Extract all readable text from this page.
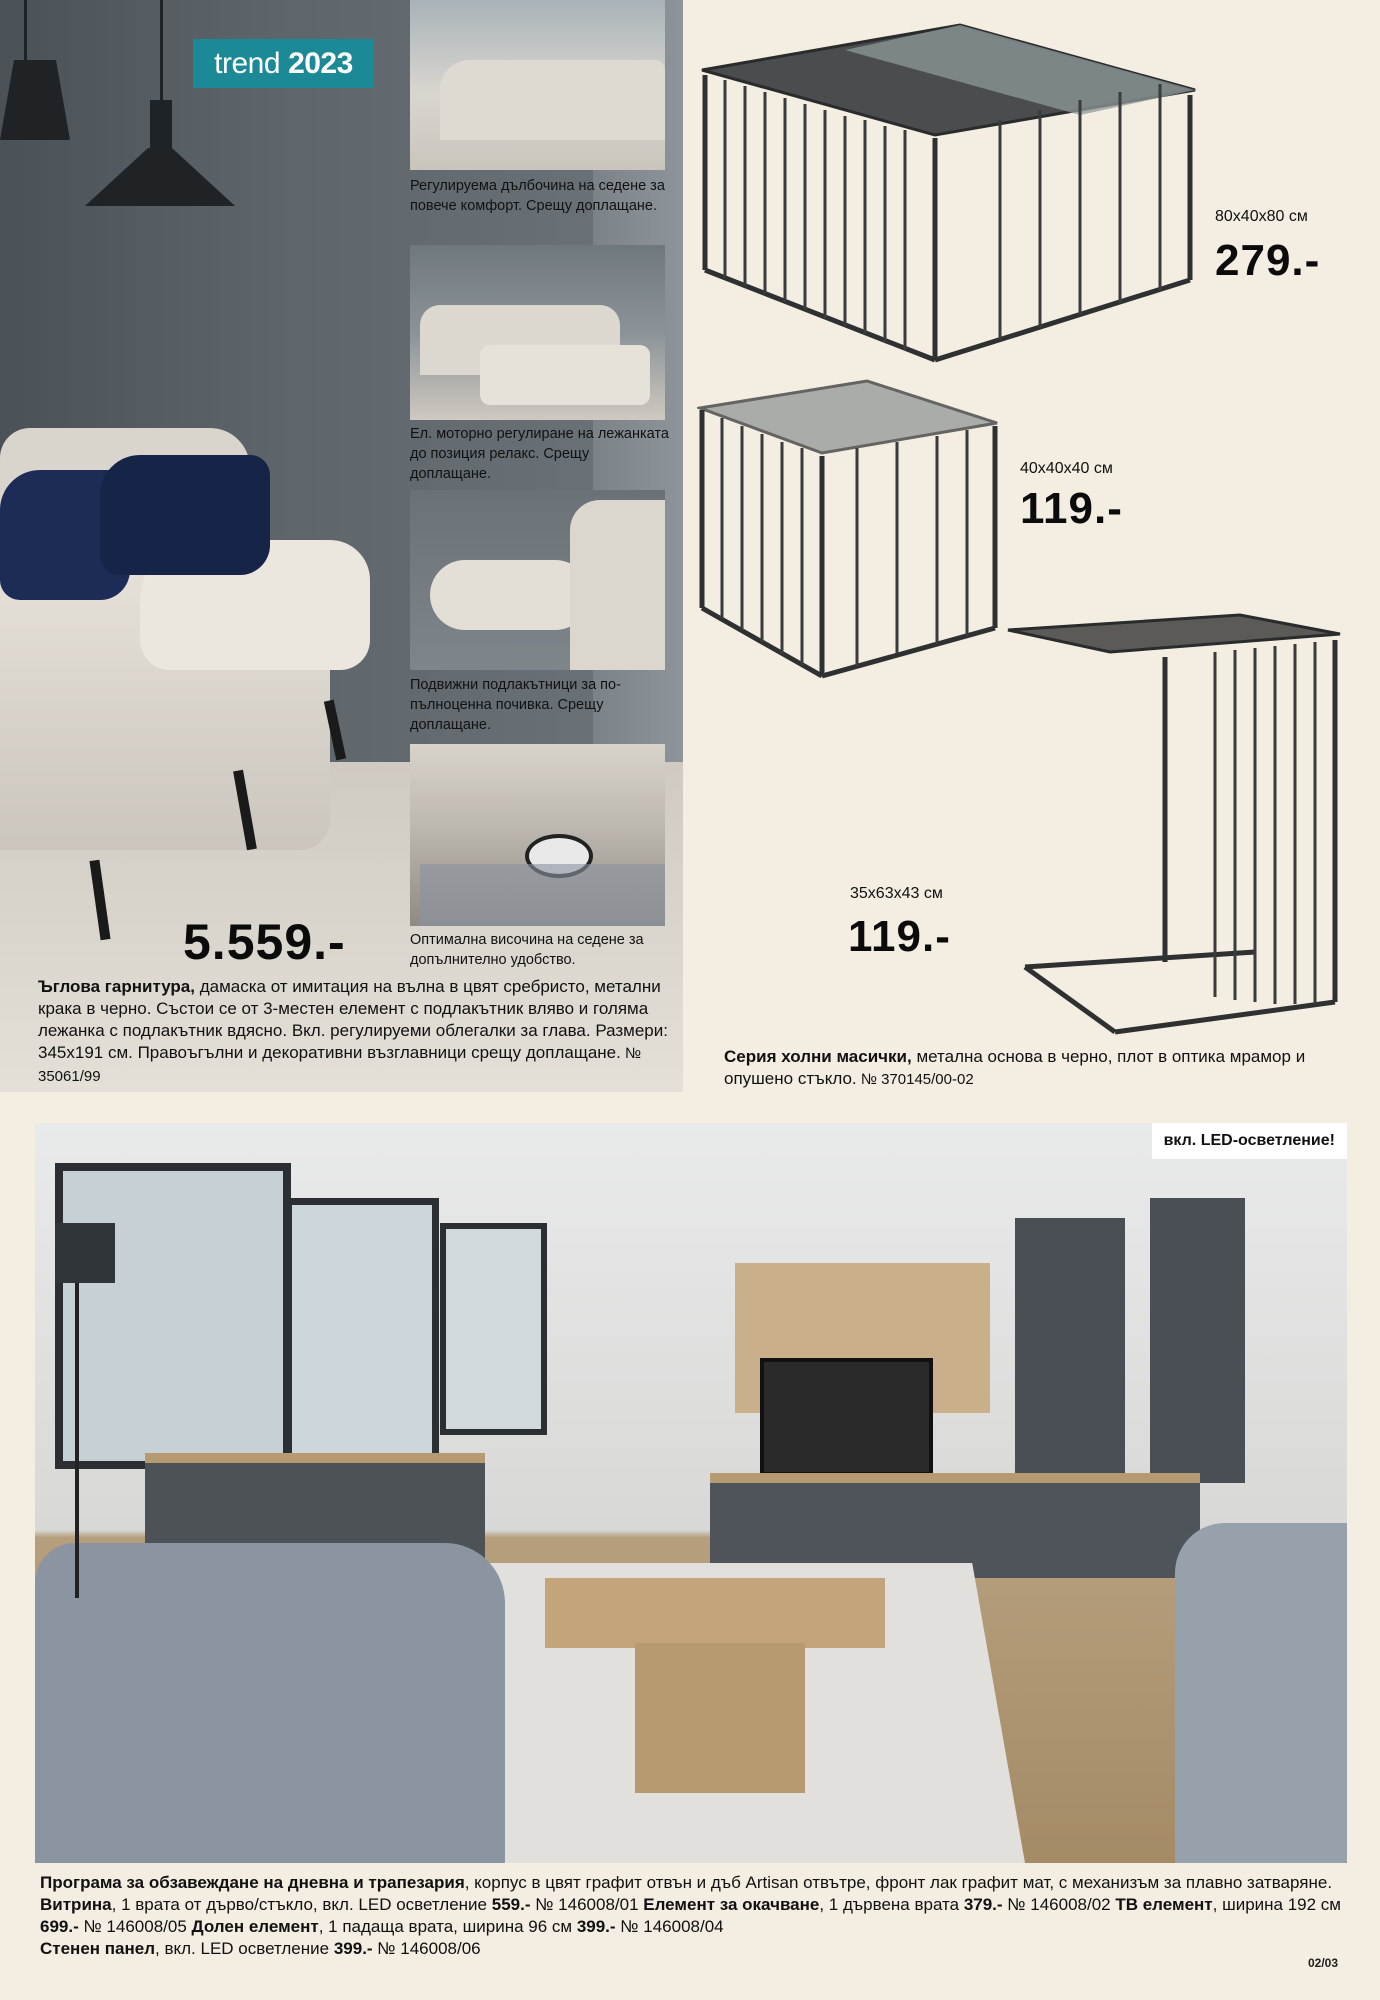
trend 2023
Регулируема дълбочина на седене за повече комфорт. Срещу доплащане.
Ел. моторно регулиране на лежанката до позиция релакс. Срещу доплащане.
Подвижни подлакътници за по-пълноценна почивка. Срещу доплащане.
Оптимална височина на седене за допълнително удобство.
5.559.-
Ъглова гарнитура, дамаска от имитация на вълна в цвят сребристо, метални крака в черно. Състои се от 3-местен елемент с подлакътник вляво и голяма лежанка с подлакътник вдясно. Вкл. регулируеми облегалки за глава. Размери: 345x191 см. Правоъгълни и декоративни възглавници срещу доплащане. № 35061/99
80x40x80 см
279.-
40x40x40 см
119.-
35x63x43 см
119.-
Серия холни масички, метална основа в черно, плот в оптика мрамор и опушено стъкло. № 370145/00-02
вкл. LED-осветление!
Програма за обзавеждане на дневна и трапезария, корпус в цвят графит отвън и дъб Artisan отвътре, фронт лак графит мат, с механизъм за плавно затваряне. Витрина, 1 врата от дърво/стъкло, вкл. LED осветление 559.- № 146008/01 Елемент за окачване, 1 дървена врата 379.- № 146008/02 ТВ елемент, ширина 192 см 699.- № 146008/05 Долен елемент, 1 падаща врата, ширина 96 см 399.- № 146008/04
Стенен панел, вкл. LED осветление 399.- № 146008/06
02/03
